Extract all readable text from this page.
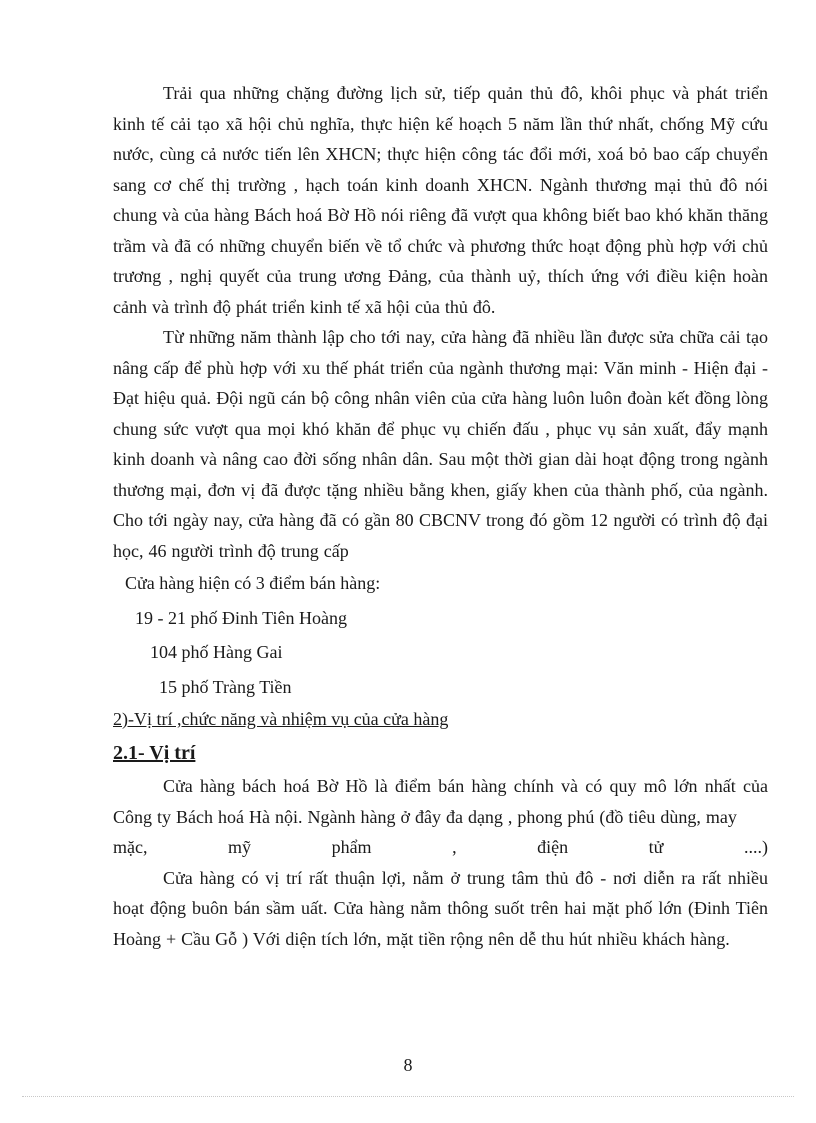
Trải qua những chặng đường lịch sử, tiếp quản thủ đô, khôi phục và phát triển kinh tế cải tạo xã hội chủ nghĩa, thực hiện kế hoạch 5 năm lần thứ nhất, chống Mỹ cứu nước, cùng cả nước tiến lên XHCN; thực hiện công tác đổi mới, xoá bỏ bao cấp chuyển sang cơ chế thị trường , hạch toán kinh doanh XHCN. Ngành thương mại thủ đô nói chung và của hàng Bách hoá Bờ Hồ nói riêng đã vượt qua không biết bao khó khăn thăng trầm và đã có những chuyển biến về tổ chức và phương thức hoạt động phù hợp với chủ trương , nghị quyết của trung ương Đảng, của thành uỷ, thích ứng với điều kiện hoàn cảnh và trình độ phát triển kinh tế xã hội của thủ đô.

Từ những năm thành lập cho tới nay, cửa hàng đã nhiều lần được sửa chữa cải tạo nâng cấp để phù hợp với xu thế phát triển của ngành thương mại: Văn minh - Hiện đại - Đạt hiệu quả. Đội ngũ cán bộ công nhân viên của cửa hàng luôn luôn đoàn kết đồng lòng chung sức vượt qua mọi khó khăn để phục vụ chiến đấu , phục vụ sản xuất, đẩy mạnh kinh doanh và nâng cao đời sống nhân dân. Sau một thời gian dài hoạt động trong ngành thương mại, đơn vị đã được tặng nhiều bằng khen, giấy khen của thành phố, của ngành. Cho tới ngày nay, cửa hàng đã có gần 80 CBCNV trong đó gồm 12 người có trình độ đại học, 46 người trình độ trung cấp

Cửa hàng hiện có 3 điểm bán hàng:

19 - 21 phố Đinh Tiên Hoàng

104 phố Hàng Gai

15 phố Tràng Tiền

2)-Vị trí ,chức năng và nhiệm vụ của cửa hàng

2.1- Vị trí

Cửa hàng bách hoá Bờ Hồ là điểm bán hàng chính và có quy mô lớn nhất của Công ty Bách hoá Hà nội. Ngành hàng ở đây đa dạng , phong phú (đồ tiêu dùng, may

mặc,	mỹ	phẩm	,	điện	tử	....)

Cửa hàng có vị trí rất thuận lợi, nằm ở trung tâm thủ đô - nơi diễn ra rất nhiều hoạt động buôn bán sầm uất. Cửa hàng nằm thông suốt trên hai mặt phố lớn (Đinh Tiên Hoàng + Cầu Gỗ ) Với diện tích lớn, mặt tiền rộng nên dễ thu hút nhiều khách hàng.

8
